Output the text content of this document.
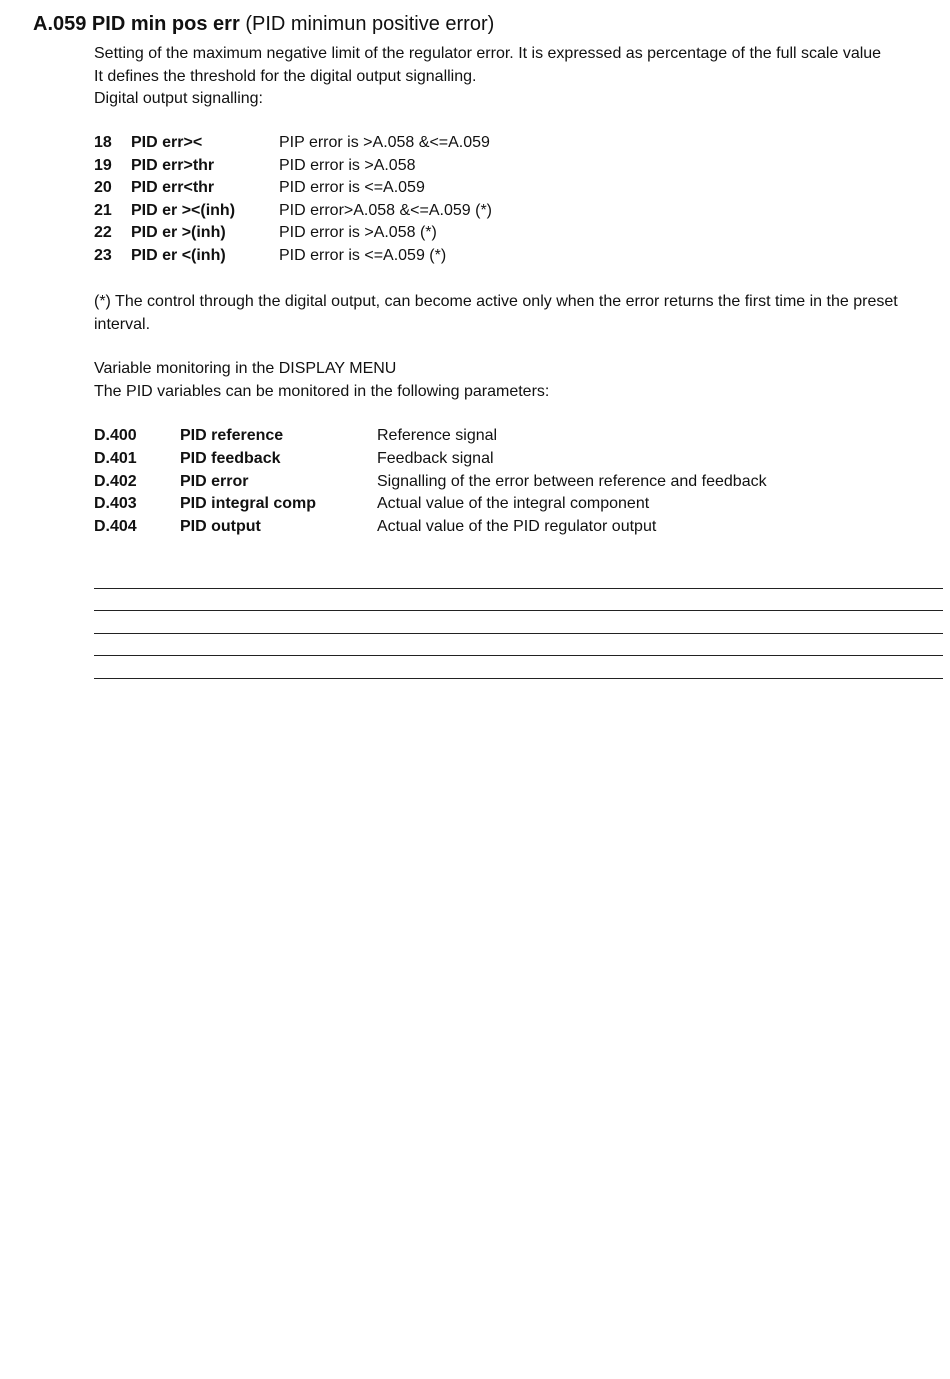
A.059 PID min pos err (PID minimun positive error)
Setting of the maximum negative limit of the regulator error. It is expressed as percentage of the full scale value
It defines the threshold for the digital output signalling.
Digital output signalling:
18 PID err><	PIP error is >A.058 &<=A.059
19 PID err>thr	PID error is >A.058
20 PID err<thr	PID error is <=A.059
21 PID er ><(inh)	PID error>A.058 &<=A.059 (*)
22 PID er >(inh)	PID error is >A.058 (*)
23 PID er <(inh)	PID error is <=A.059 (*)
(*) The control through the digital output, can become active only when the error returns the first time in the preset interval.
Variable monitoring in the DISPLAY MENU
The PID variables can be monitored in the following parameters:
D.400	PID reference	Reference signal
D.401	PID feedback	Feedback signal
D.402	PID error	Signalling of the error between reference and feedback
D.403	PID integral comp	Actual value of the integral component
D.404	PID output	Actual value of the PID regulator output
